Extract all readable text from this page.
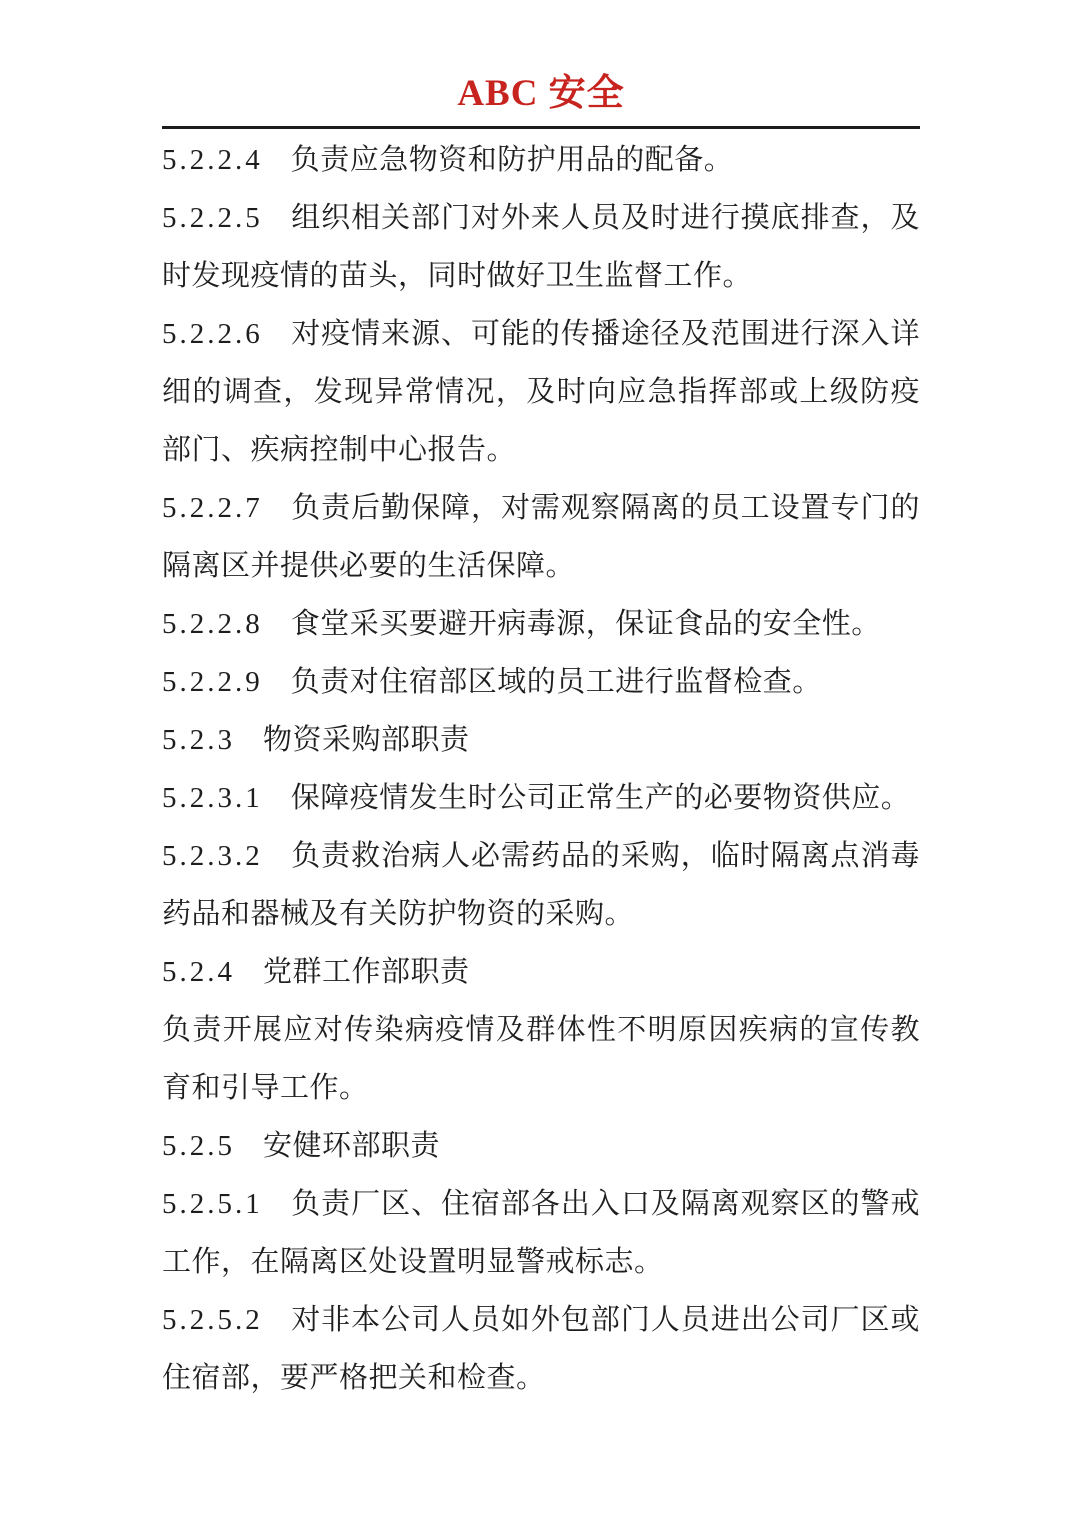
ABC 安全

5.2.2.4 负责应急物资和防护用品的配备。

5.2.2.5 组织相关部门对外来人员及时进行摸底排查，及时发现疫情的苗头，同时做好卫生监督工作。

5.2.2.6 对疫情来源、可能的传播途径及范围进行深入详细的调查，发现异常情况，及时向应急指挥部或上级防疫部门、疾病控制中心报告。

5.2.2.7 负责后勤保障，对需观察隔离的员工设置专门的隔离区并提供必要的生活保障。

5.2.2.8 食堂采买要避开病毒源，保证食品的安全性。

5.2.2.9 负责对住宿部区域的员工进行监督检查。

5.2.3 物资采购部职责

5.2.3.1 保障疫情发生时公司正常生产的必要物资供应。

5.2.3.2 负责救治病人必需药品的采购，临时隔离点消毒药品和器械及有关防护物资的采购。

5.2.4 党群工作部职责

负责开展应对传染病疫情及群体性不明原因疾病的宣传教育和引导工作。

5.2.5 安健环部职责

5.2.5.1 负责厂区、住宿部各出入口及隔离观察区的警戒工作，在隔离区处设置明显警戒标志。

5.2.5.2 对非本公司人员如外包部门人员进出公司厂区或住宿部，要严格把关和检查。
